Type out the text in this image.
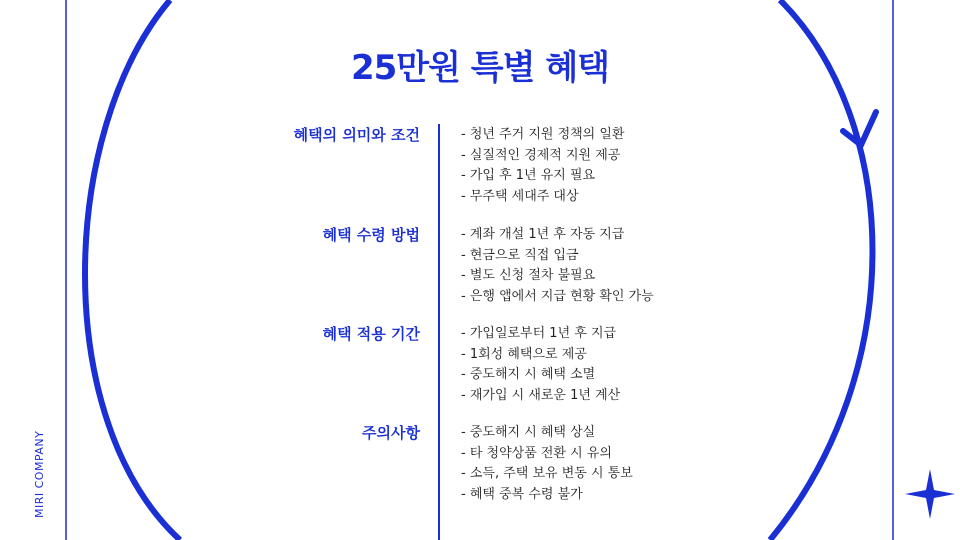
25만원 특별 혜택
혜택의 의미와 조건	- 청년 주거 지원 정책의 일환
- 실질적인 경제적 지원 제공
- 가입 후 1년 유지 필요
- 무주택 세대주 대상
혜택 수령 방법	- 계좌 개설 1년 후 자동 지급
- 현금으로 직접 입금
- 별도 신청 절차 불필요
- 은행 앱에서 지급 현황 확인 가능
혜택 적용 기간	- 가입일로부터 1년 후 지급
- 1회성 혜택으로 제공
- 중도해지 시 혜택 소멸
- 재가입 시 새로운 1년 계산
주의사항	- 중도해지 시 혜택 상실
- 타 청약상품 전환 시 유의
- 소득, 주택 보유 변동 시 통보
- 혜택 중복 수령 불가
MIRI COMPANY
